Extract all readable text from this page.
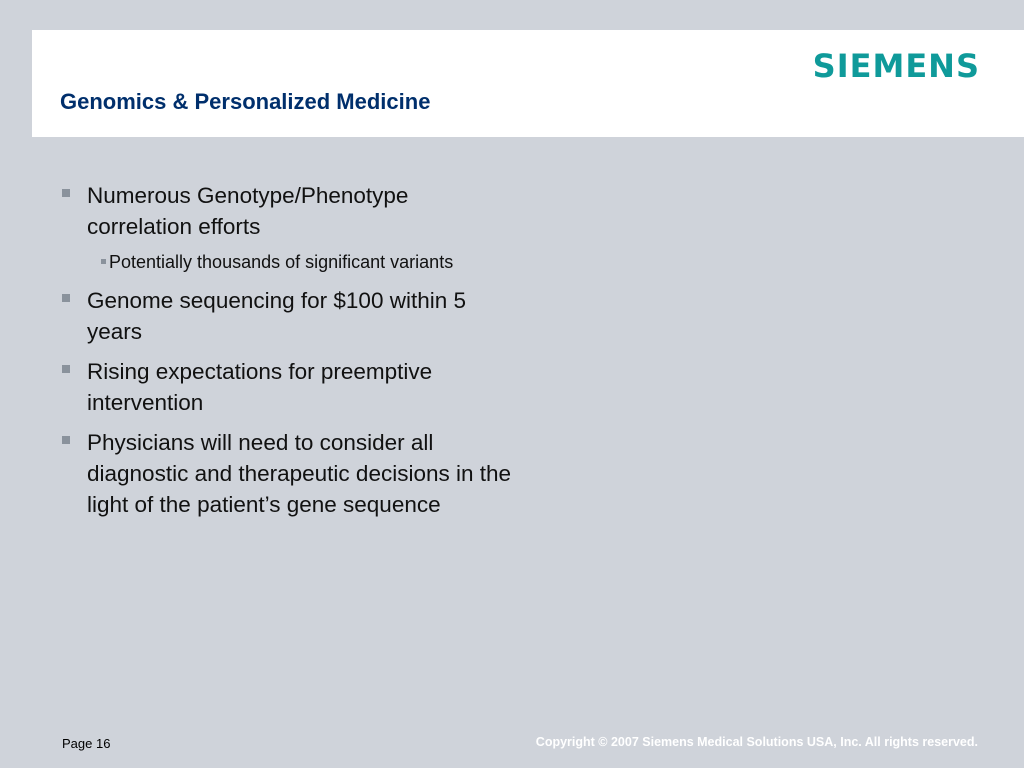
SIEMENS
Genomics & Personalized Medicine
Numerous Genotype/Phenotype correlation efforts
Potentially thousands of significant variants
Genome sequencing for $100 within 5 years
Rising expectations for preemptive intervention
Physicians will need to consider all diagnostic and therapeutic decisions in the light of the patient’s gene sequence
Page 16	Copyright © 2007 Siemens Medical Solutions USA, Inc. All rights reserved.
